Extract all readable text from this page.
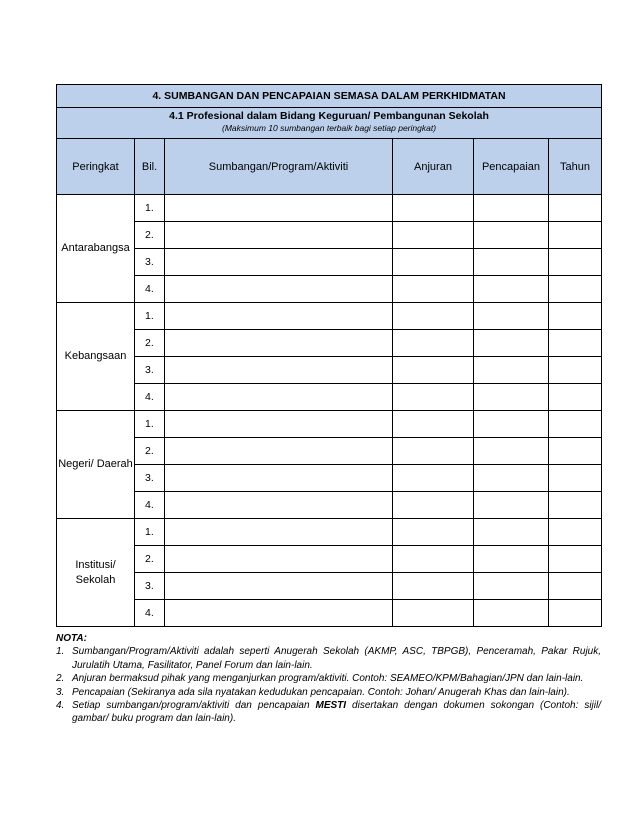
4. SUMBANGAN DAN PENCAPAIAN SEMASA DALAM PERKHIDMATAN					

4.1 Profesional dalam Bidang Keguruan/ Pembangunan Sekolah
(Maksimum 10 sumbangan terbaik bagi setiap peringkat)					

Peringkat	Bil.	Sumbangan/Program/Aktiviti	Anjuran	Pencapaian	Tahun

Antarabangsa	1.				
	2.				
	3.				
	4.				

Kebangsaan	1.				
	2.				
	3.				
	4.				

Negeri/ Daerah	1.				
	2.				
	3.				
	4.				

Institusi/
Sekolah	1.				
	2.				
	3.				
	4.				
NOTA:
1. Sumbangan/Program/Aktiviti adalah seperti Anugerah Sekolah (AKMP, ASC, TBPGB), Penceramah, Pakar Rujuk, Jurulatih Utama, Fasilitator, Panel Forum dan lain-lain.
2. Anjuran bermaksud pihak yang menganjurkan program/aktiviti. Contoh: SEAMEO/KPM/Bahagian/JPN dan lain-lain.
3. Pencapaian (Sekiranya ada sila nyatakan kedudukan pencapaian. Contoh: Johan/ Anugerah Khas dan lain-lain).
4. Setiap sumbangan/program/aktiviti dan pencapaian MESTI disertakan dengan dokumen sokongan (Contoh: sijil/ gambar/ buku program dan lain-lain).
